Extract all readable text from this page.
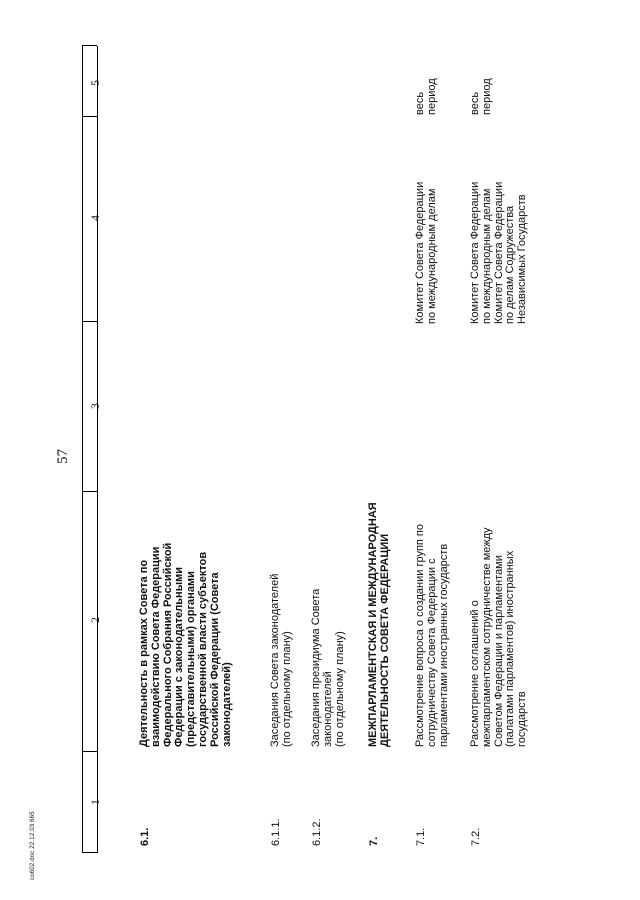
57
co602.doc 22.12.03 665
1
2
3
4
5
6.1.
Деятельность в рамках Совета по
взаимодействию Совета Федерации
Федерального Собрания Российской
Федерации с законодательными
(представительными) органами
государственной власти субъектов
Российской Федерации (Совета
законодателей)
6.1.1.
Заседания Совета законодателей
(по отдельному плану)
6.1.2.
Заседания президиума Совета
законодателей
(по отдельному плану)
7.
МЕЖПАРЛАМЕНТСКАЯ И МЕЖДУНАРОДНАЯ
ДЕЯТЕЛЬНОСТЬ СОВЕТА ФЕДЕРАЦИИ
7.1.
Рассмотрение вопроса о создании групп по
сотрудничеству Совета Федерации с
парламентами иностранных государств
Комитет Совета Федерации
по международным делам
весь
период
7.2.
Рассмотрение соглашений о
межпарламентском сотрудничестве между
Советом Федерации и парламентами
(палатами парламентов) иностранных
государств
Комитет Совета Федерации
по международным делам
Комитет Совета Федерации
по делам Содружества
Независимых Государств
весь
период
